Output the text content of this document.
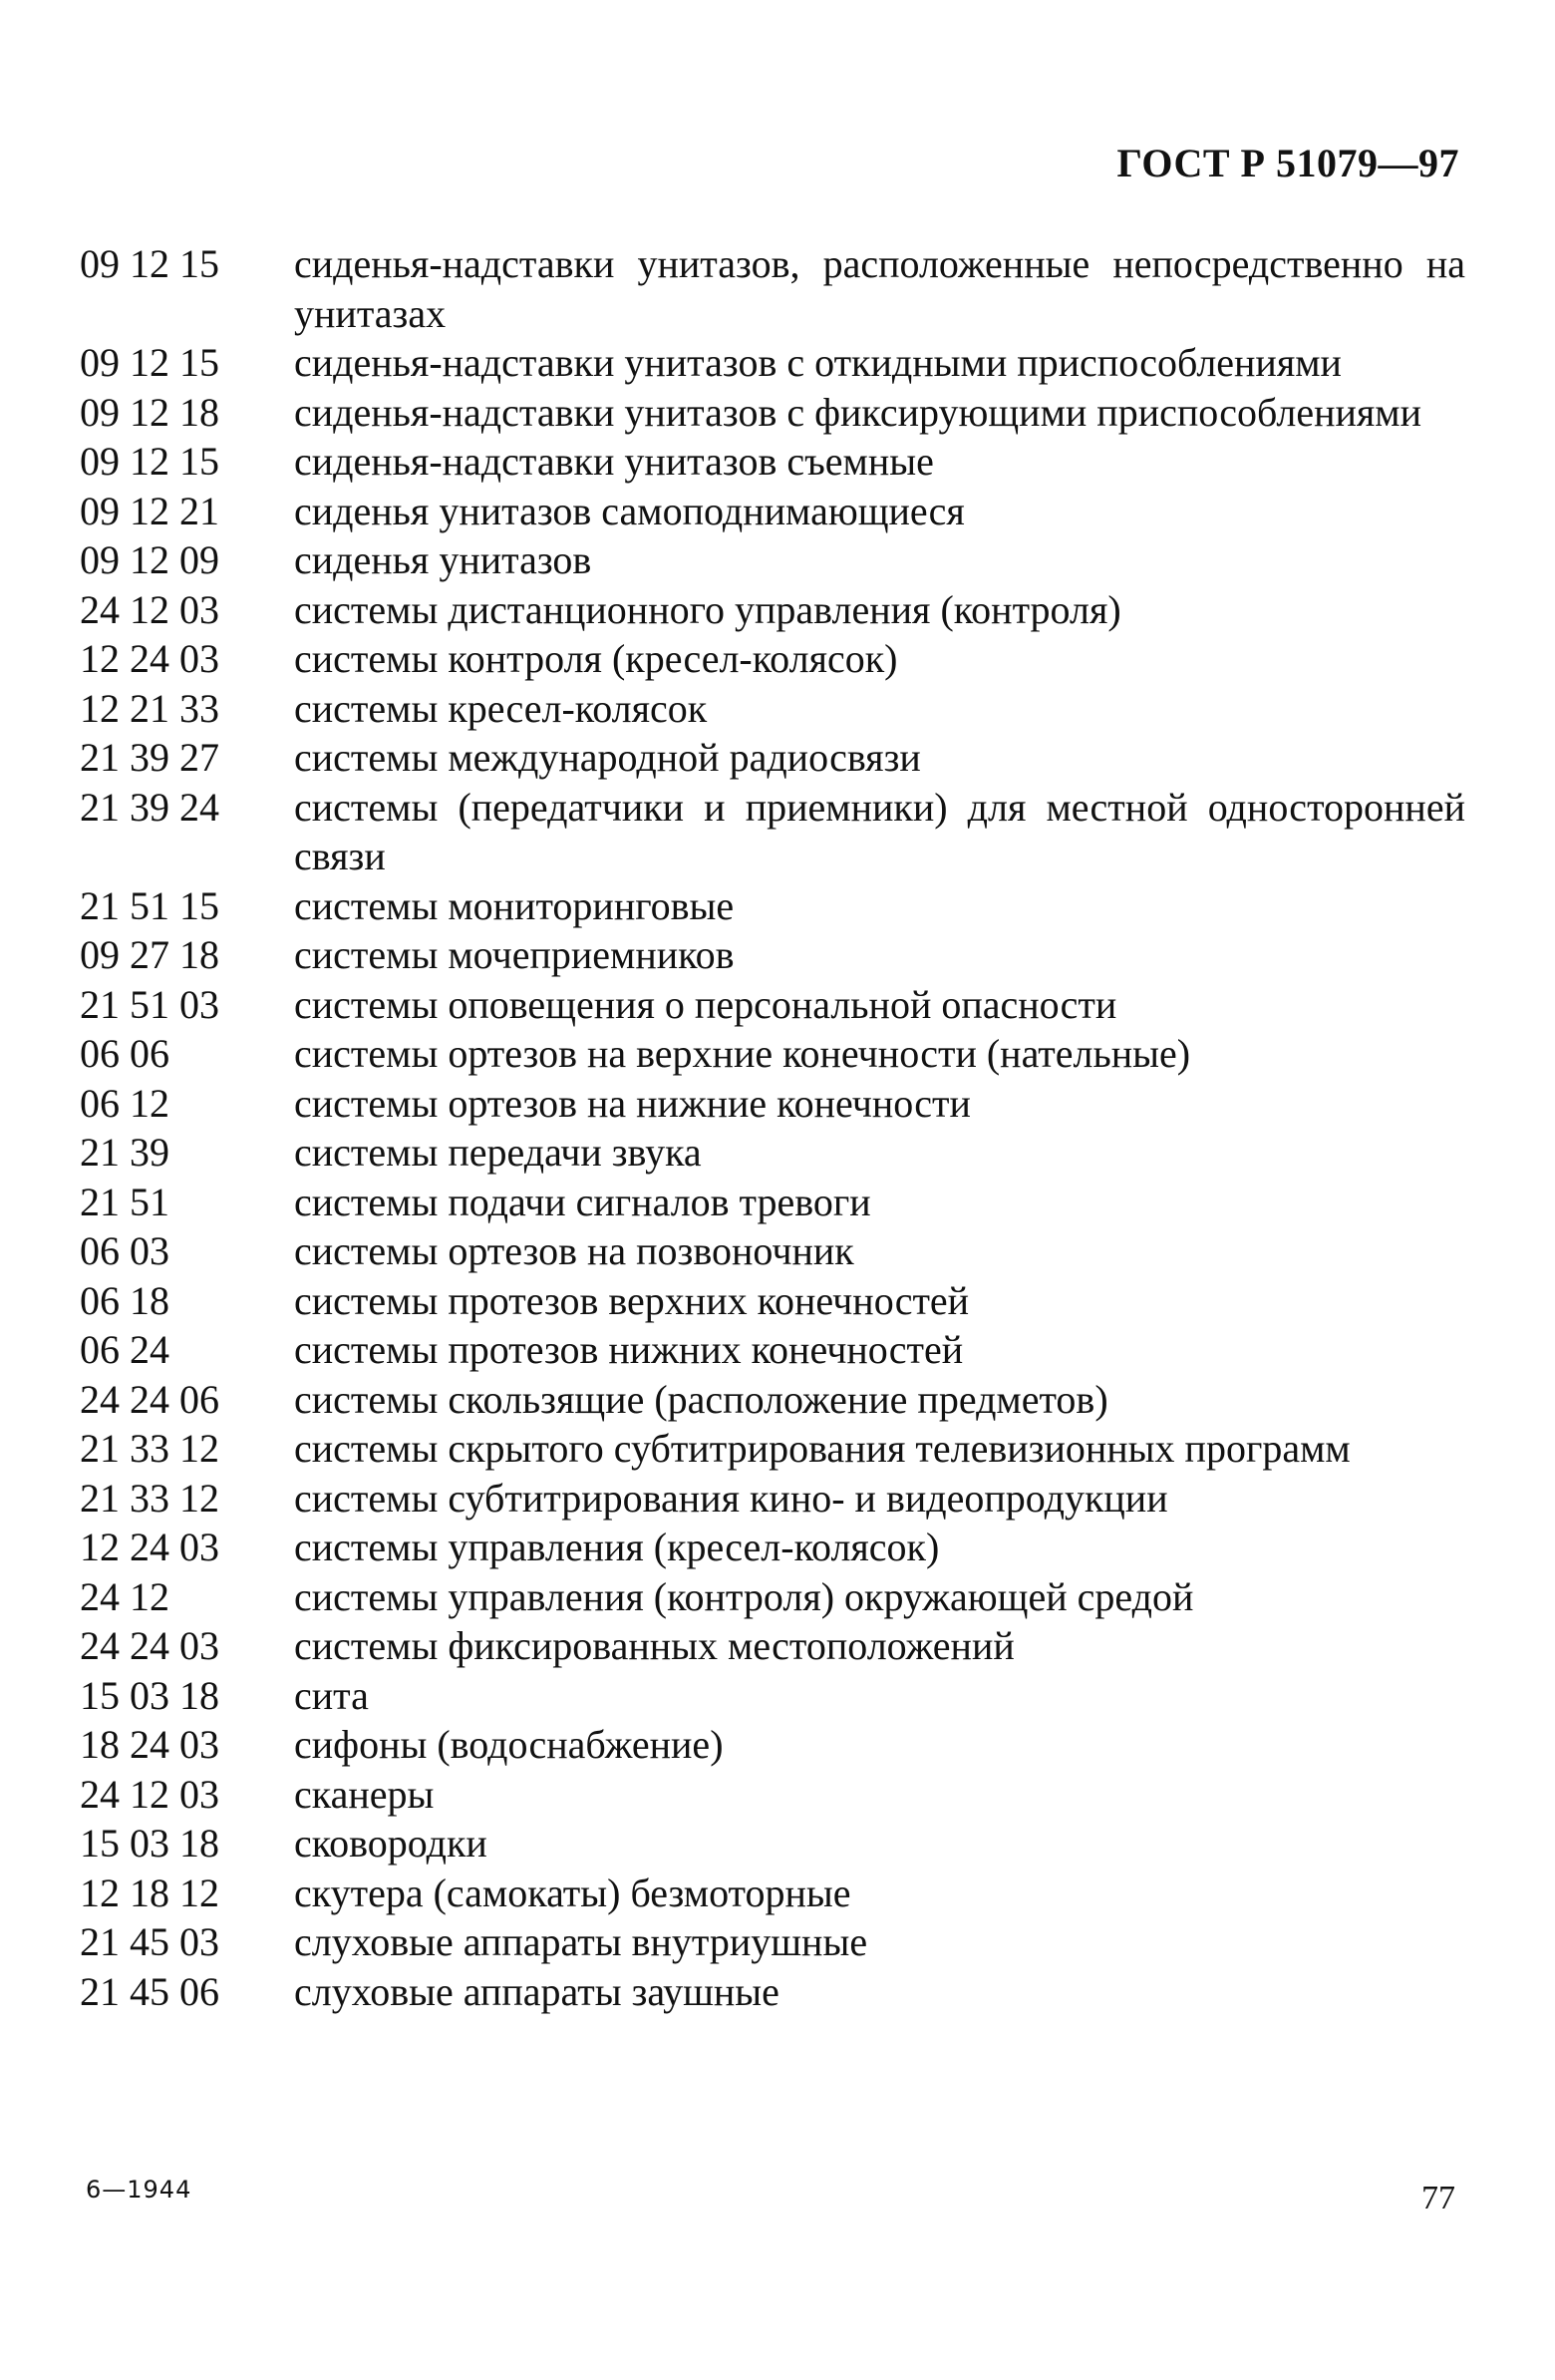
ГОСТ Р 51079—97
09 12 15	сиденья-надставки унитазов, расположенные непосредственно на унитазах
09 12 15	сиденья-надставки унитазов с откидными приспособлениями
09 12 18	сиденья-надставки унитазов с фиксирующими приспособлениями
09 12 15	сиденья-надставки унитазов съемные
09 12 21	сиденья унитазов самоподнимающиеся
09 12 09	сиденья унитазов
24 12 03	системы дистанционного управления (контроля)
12 24 03	системы контроля (кресел-колясок)
12 21 33	системы кресел-колясок
21 39 27	системы международной радиосвязи
21 39 24	системы (передатчики и приемники) для местной односторонней связи
21 51 15	системы мониторинговые
09 27 18	системы мочеприемников
21 51 03	системы оповещения о персональной опасности
06 06	системы ортезов на верхние конечности (нательные)
06 12	системы ортезов на нижние конечности
21 39	системы передачи звука
21 51	системы подачи сигналов тревоги
06 03	системы ортезов на позвоночник
06 18	системы протезов верхних конечностей
06 24	системы протезов нижних конечностей
24 24 06	системы скользящие (расположение предметов)
21 33 12	системы скрытого субтитрирования телевизионных программ
21 33 12	системы субтитрирования кино- и видеопродукции
12 24 03	системы управления (кресел-колясок)
24 12	системы управления (контроля) окружающей средой
24 24 03	системы фиксированных местоположений
15 03 18	сита
18 24 03	сифоны (водоснабжение)
24 12 03	сканеры
15 03 18	сковородки
12 18 12	скутера (самокаты) безмоторные
21 45 03	слуховые аппараты внутриушные
21 45 06	слуховые аппараты заушные
6—1944	77
